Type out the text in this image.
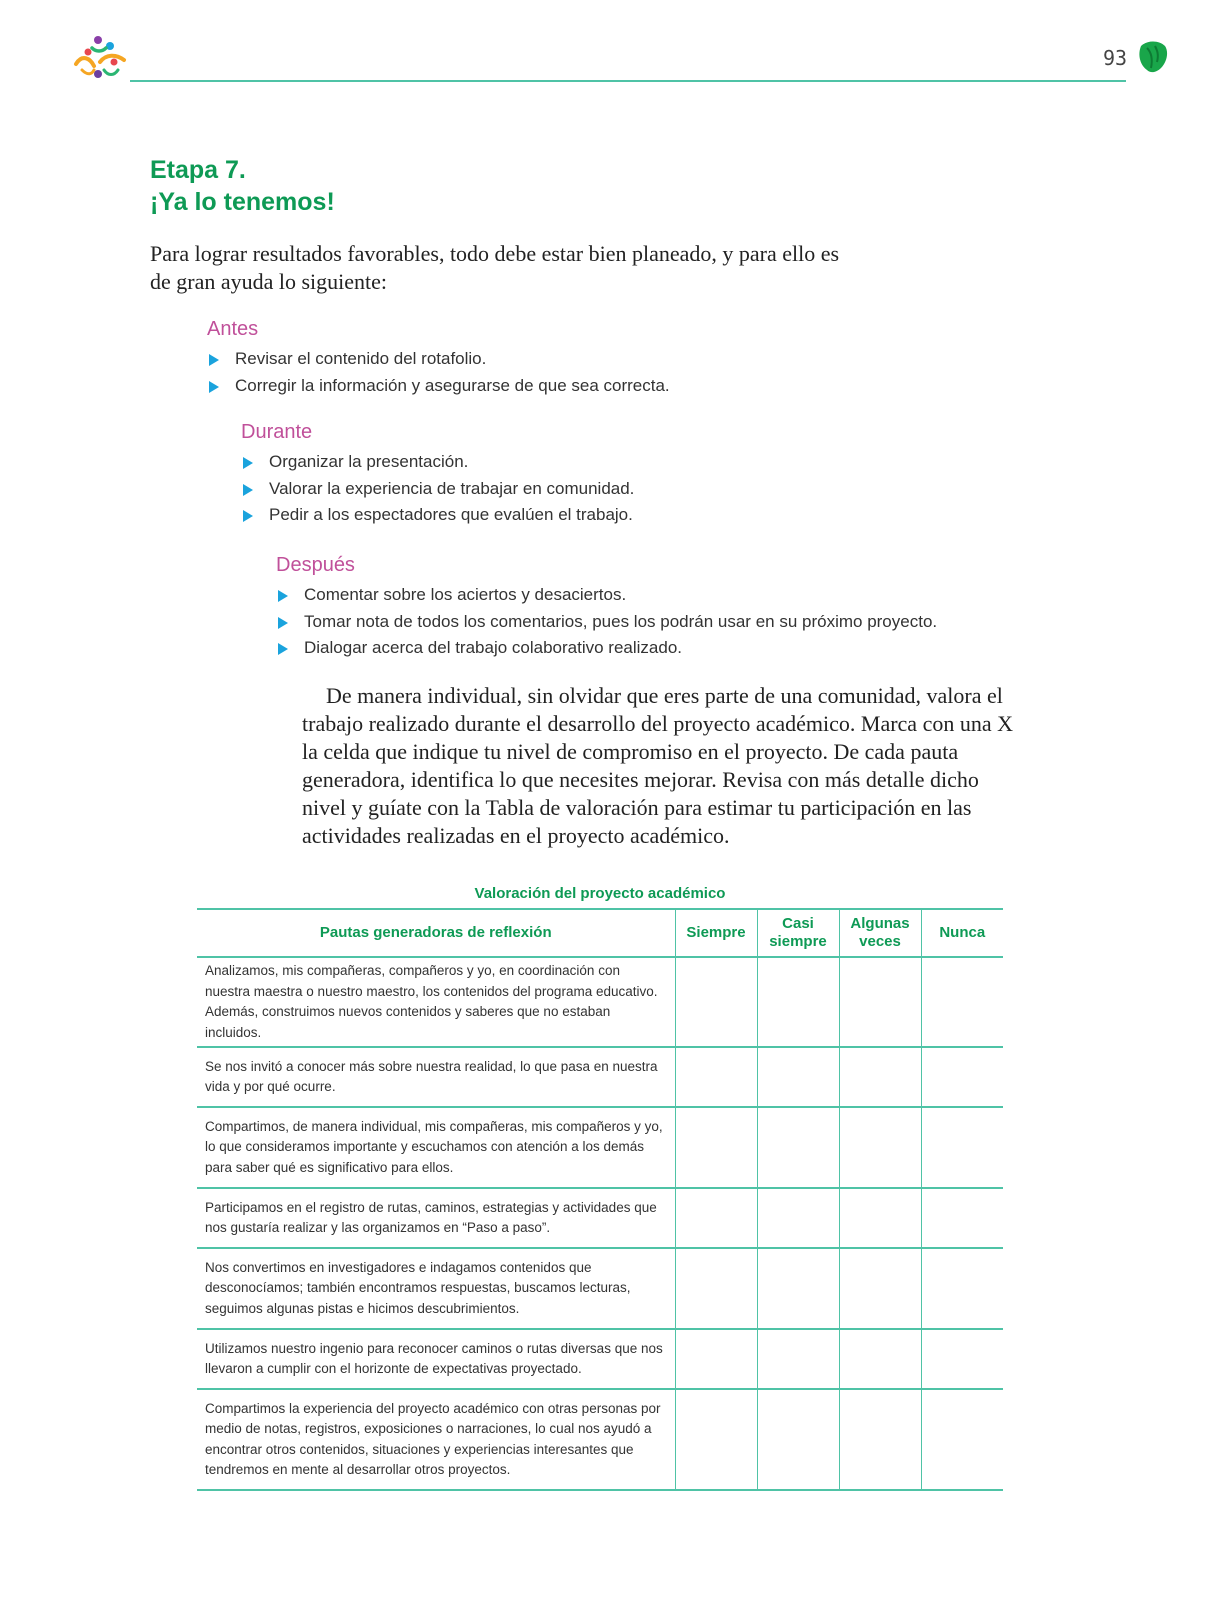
93
Etapa 7.
¡Ya lo tenemos!

Para lograr resultados favorables, todo debe estar bien planeado, y para ello es de gran ayuda lo siguiente:

Antes
Revisar el contenido del rotafolio.
Corregir la información y asegurarse de que sea correcta.
Durante
Organizar la presentación.
Valorar la experiencia de trabajar en comunidad.
Pedir a los espectadores que evalúen el trabajo.
Después
Comentar sobre los aciertos y desaciertos.
Tomar nota de todos los comentarios, pues los podrán usar en su próximo proyecto.
Dialogar acerca del trabajo colaborativo realizado.

De manera individual, sin olvidar que eres parte de una comunidad, valora el trabajo realizado durante el desarrollo del proyecto académico. Marca con una X la celda que indique tu nivel de compromiso en el proyecto. De cada pauta generadora, identifica lo que necesites mejorar. Revisa con más detalle dicho nivel y guíate con la Tabla de valoración para estimar tu participación en las actividades realizadas en el proyecto académico.

Valoración del proyecto académico
Pautas generadoras de reflexión	Siempre	Casi siempre	Algunas veces	Nunca
Analizamos, mis compañeras, compañeros y yo, en coordinación con nuestra maestra o nuestro maestro, los contenidos del programa educativo. Además, construimos nuevos contenidos y saberes que no estaban incluidos.				
Se nos invitó a conocer más sobre nuestra realidad, lo que pasa en nuestra vida y por qué ocurre.				
Compartimos, de manera individual, mis compañeras, mis compañeros y yo, lo que consideramos importante y escuchamos con atención a los demás para saber qué es significativo para ellos.				
Participamos en el registro de rutas, caminos, estrategias y actividades que nos gustaría realizar y las organizamos en “Paso a paso”.				
Nos convertimos en investigadores e indagamos contenidos que desconocíamos; también encontramos respuestas, buscamos lecturas, seguimos algunas pistas e hicimos descubrimientos.				
Utilizamos nuestro ingenio para reconocer caminos o rutas diversas que nos llevaron a cumplir con el horizonte de expectativas proyectado.				
Compartimos la experiencia del proyecto académico con otras personas por medio de notas, registros, exposiciones o narraciones, lo cual nos ayudó a encontrar otros contenidos, situaciones y experiencias interesantes que tendremos en mente al desarrollar otros proyectos.				
